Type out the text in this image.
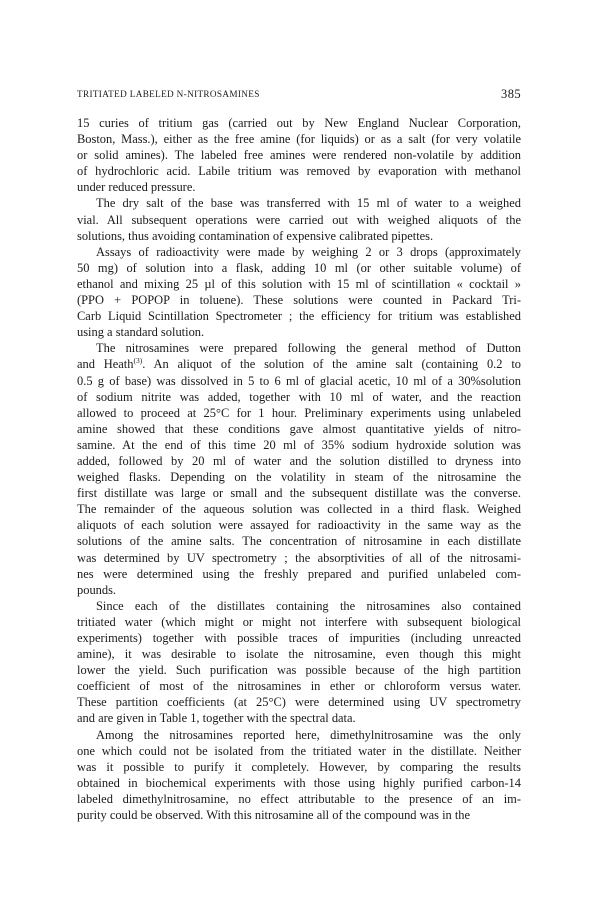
TRITIATED LABELED N-NITROSAMINES	385
15 curies of tritium gas (carried out by New England Nuclear Corporation,
Boston, Mass.), either as the free amine (for liquids) or as a salt (for very volatile
or solid amines). The labeled free amines were rendered non-volatile by addition
of hydrochloric acid. Labile tritium was removed by evaporation with methanol
under reduced pressure.
The dry salt of the base was transferred with 15 ml of water to a weighed
vial. All subsequent operations were carried out with weighed aliquots of the
solutions, thus avoiding contamination of expensive calibrated pipettes.
Assays of radioactivity were made by weighing 2 or 3 drops (approximately
50 mg) of solution into a flask, adding 10 ml (or other suitable volume) of
ethanol and mixing 25 µl of this solution with 15 ml of scintillation « cocktail »
(PPO + POPOP in toluene). These solutions were counted in Packard Tri-
Carb Liquid Scintillation Spectrometer ; the efficiency for tritium was established
using a standard solution.
The nitrosamines were prepared following the general method of Dutton
and Heath$^{(3)}$. An aliquot of the solution of the amine salt (containing 0.2 to
0.5 g of base) was dissolved in 5 to 6 ml of glacial acetic, 10 ml of a 30%solution
of sodium nitrite was added, together with 10 ml of water, and the reaction
allowed to proceed at 25°C for 1 hour. Preliminary experiments using unlabeled
amine showed that these conditions gave almost quantitative yields of nitro-
samine. At the end of this time 20 ml of 35% sodium hydroxide solution was
added, followed by 20 ml of water and the solution distilled to dryness into
weighed flasks. Depending on the volatility in steam of the nitrosamine the
first distillate was large or small and the subsequent distillate was the converse.
The remainder of the aqueous solution was collected in a third flask. Weighed
aliquots of each solution were assayed for radioactivity in the same way as the
solutions of the amine salts. The concentration of nitrosamine in each distillate
was determined by UV spectrometry ; the absorptivities of all of the nitrosami-
nes were determined using the freshly prepared and purified unlabeled com-
pounds.
Since each of the distillates containing the nitrosamines also contained
tritiated water (which might or might not interfere with subsequent biological
experiments) together with possible traces of impurities (including unreacted
amine), it was desirable to isolate the nitrosamine, even though this might
lower the yield. Such purification was possible because of the high partition
coefficient of most of the nitrosamines in ether or chloroform versus water.
These partition coefficients (at 25°C) were determined using UV spectrometry
and are given in Table 1, together with the spectral data.
Among the nitrosamines reported here, dimethylnitrosamine was the only
one which could not be isolated from the tritiated water in the distillate. Neither
was it possible to purify it completely. However, by comparing the results
obtained in biochemical experiments with those using highly purified carbon-14
labeled dimethylnitrosamine, no effect attributable to the presence of an im-
purity could be observed. With this nitrosamine all of the compound was in the
